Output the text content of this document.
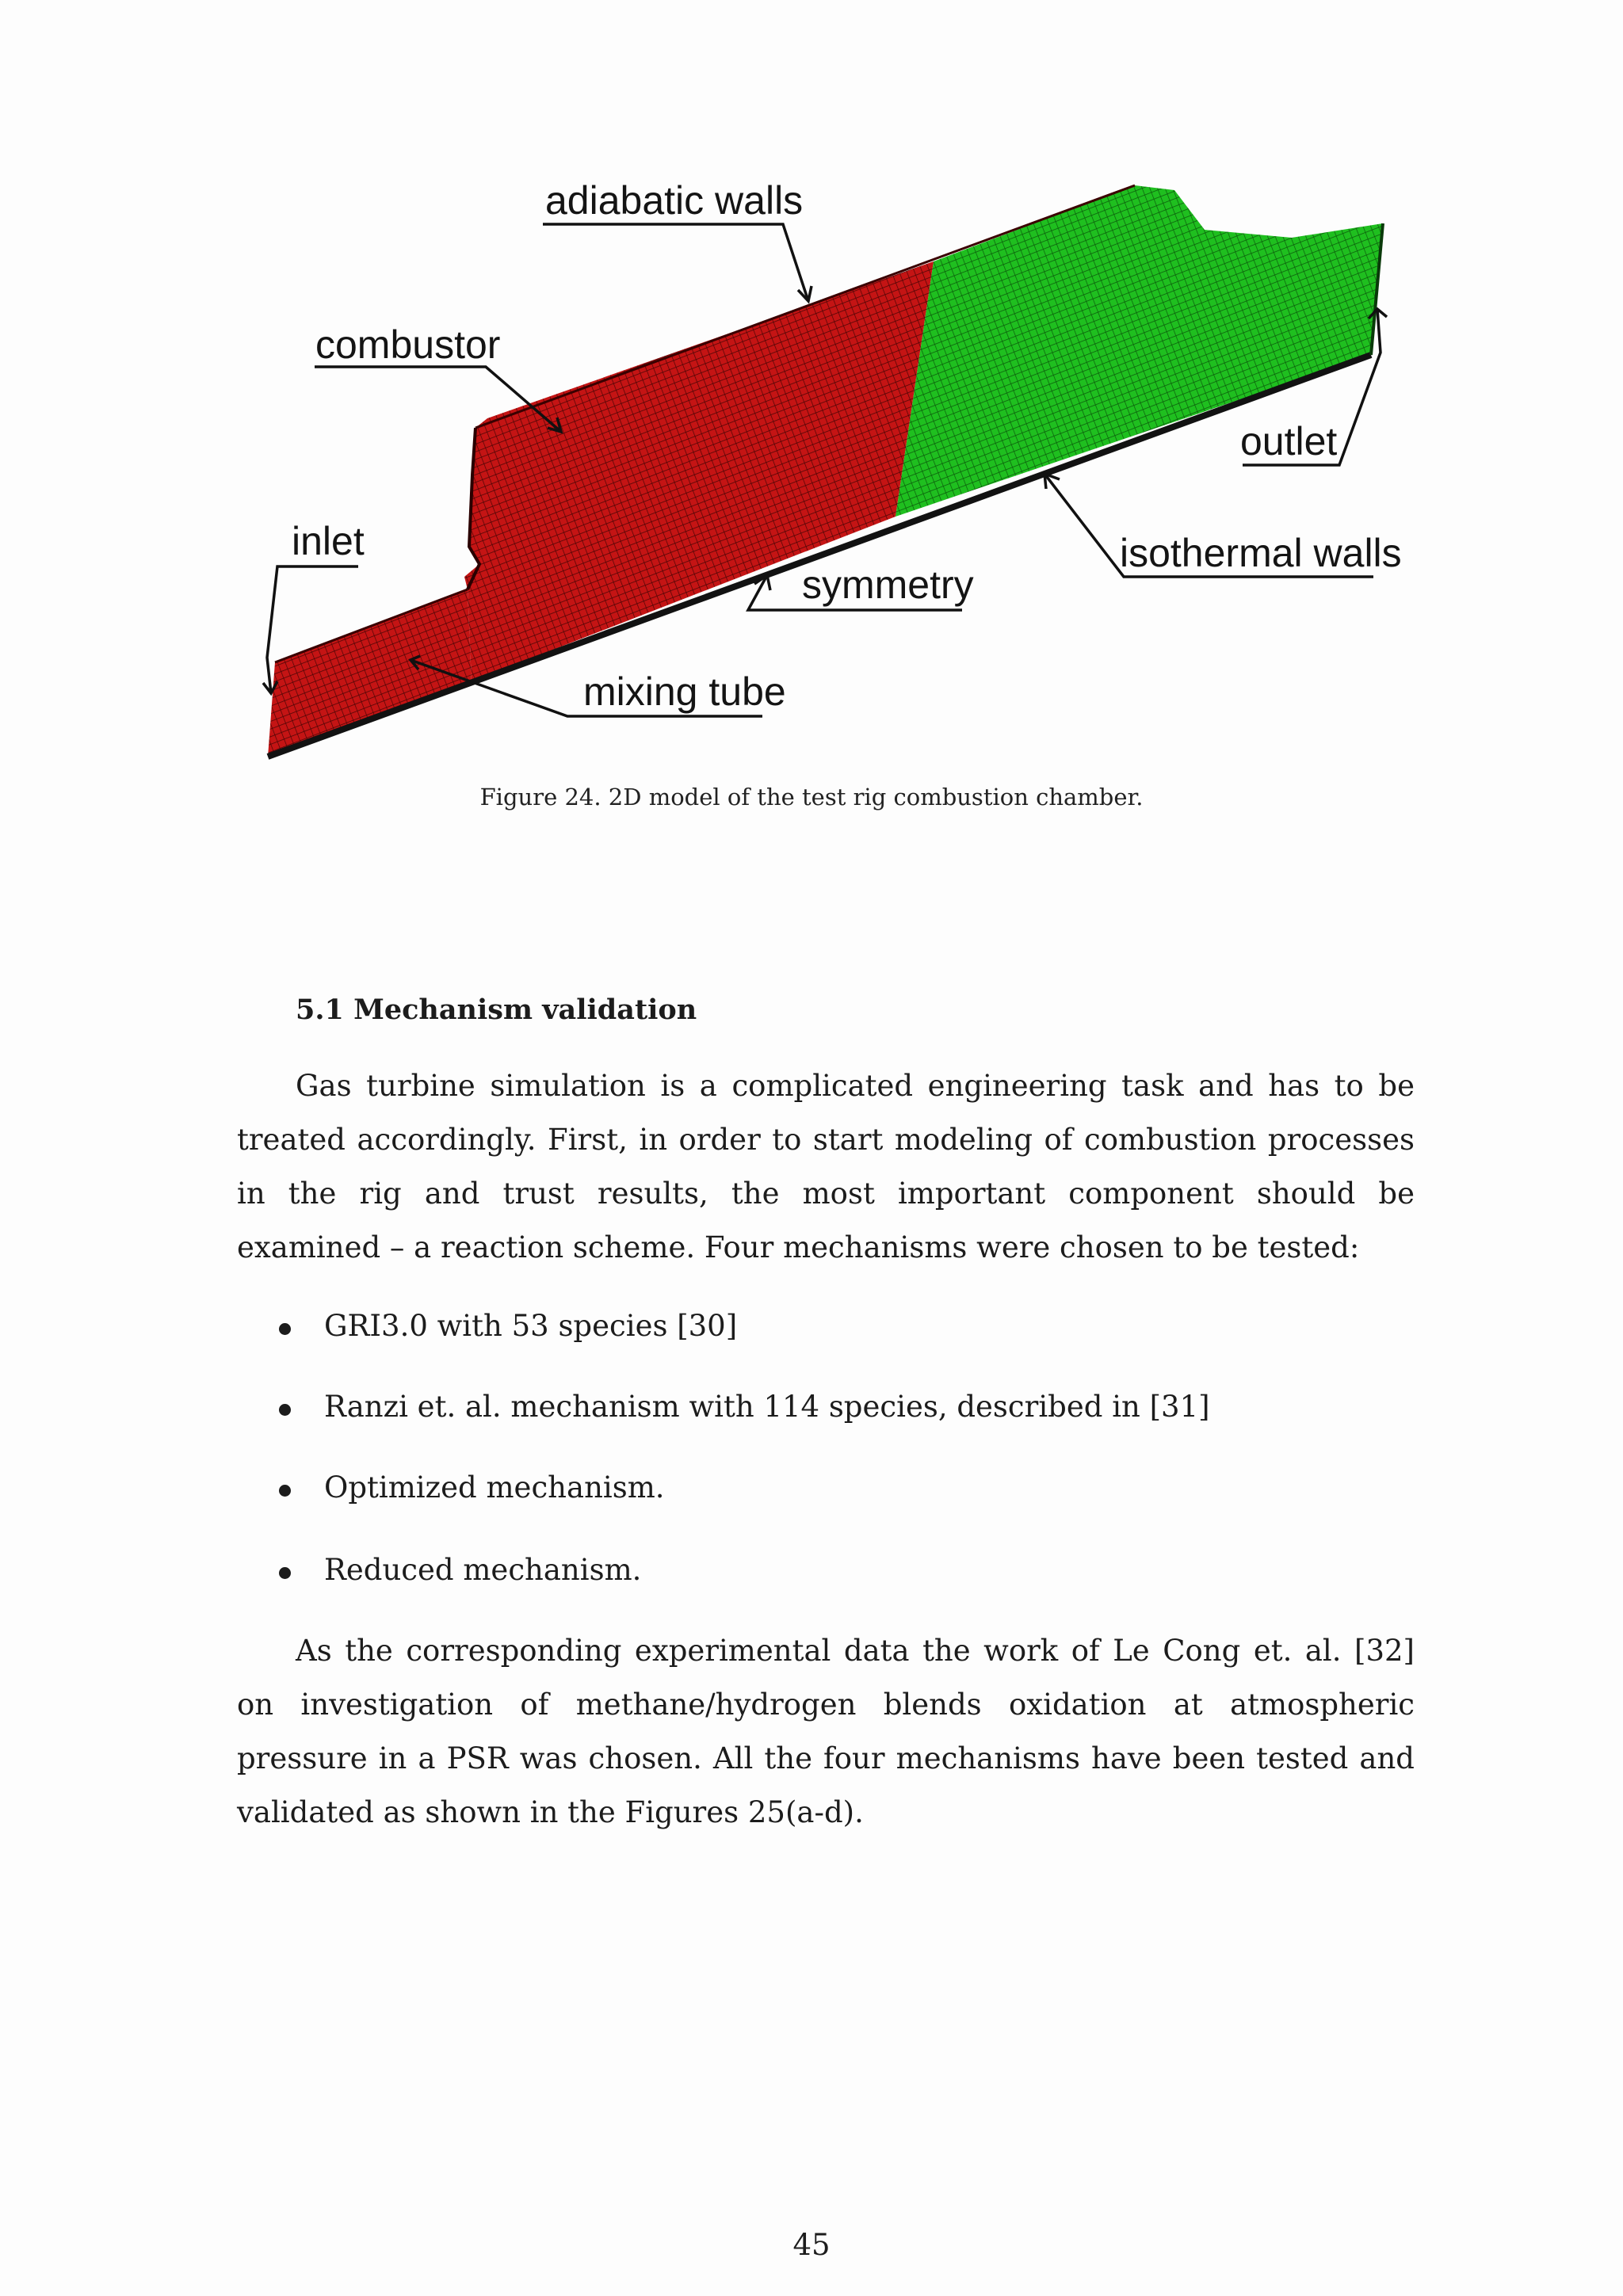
adiabatic walls
combustor
inlet
outlet
isothermal walls
symmetry
mixing tube
Figure 24. 2D model of the test rig combustion chamber.
5.1 Mechanism validation

Gas turbine simulation is a complicated engineering task and has to be treated accordingly. First, in order to start modeling of combustion processes in the rig and trust results, the most important component should be examined – a reaction scheme. Four mechanisms were chosen to be tested:

GRI3.0 with 53 species [30]
Ranzi et. al. mechanism with 114 species, described in [31]
Optimized mechanism.
Reduced mechanism.

As the corresponding experimental data the work of Le Cong et. al. [32] on investigation of methane/hydrogen blends oxidation at atmospheric pressure in a PSR was chosen. All the four mechanisms have been tested and validated as shown in the Figures 25(a-d).

45
